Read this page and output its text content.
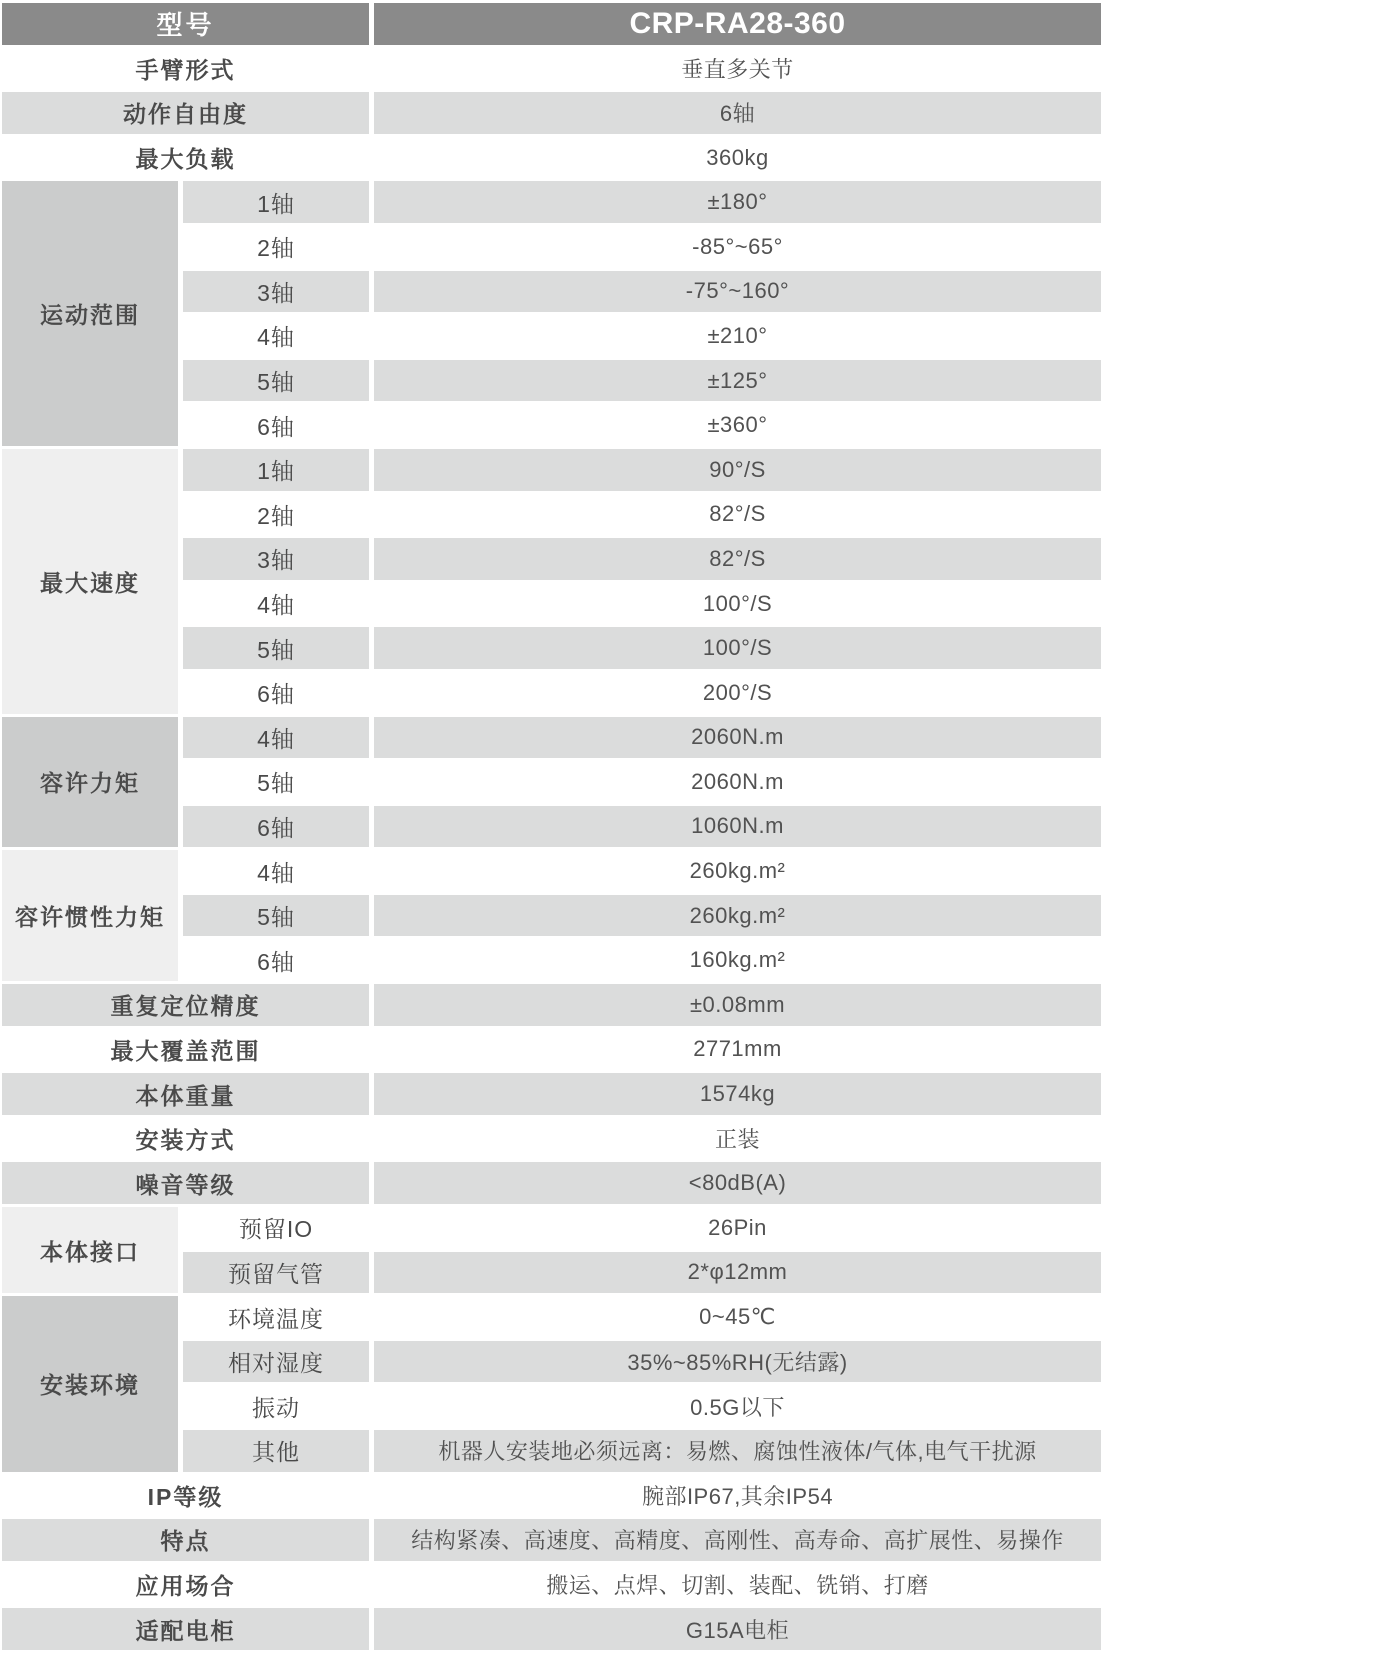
型号		CRP-RA28-360
手臂形式		垂直多关节
动作自由度		6轴
最大负载		360kg
运动范围	1轴	±180°
	2轴	-85°~65°
	3轴	-75°~160°
	4轴	±210°
	5轴	±125°
	6轴	±360°
最大速度	1轴	90°/S
	2轴	82°/S
	3轴	82°/S
	4轴	100°/S
	5轴	100°/S
	6轴	200°/S
容许力矩	4轴	2060N.m
	5轴	2060N.m
	6轴	1060N.m
容许惯性力矩	4轴	260kg.m²
	5轴	260kg.m²
	6轴	160kg.m²
重复定位精度		±0.08mm
最大覆盖范围		2771mm
本体重量		1574kg
安装方式		正装
噪音等级		<80dB(A)
本体接口	预留IO	26Pin
	预留气管	2*φ12mm
安装环境	环境温度	0~45℃
	相对湿度	35%~85%RH(无结露)
	振动	0.5G以下
	其他	机器人安装地必须远离：易燃、腐蚀性液体/气体,电气干扰源
IP等级		腕部IP67,其余IP54
特点		结构紧凑、高速度、高精度、高刚性、高寿命、高扩展性、易操作
应用场合		搬运、点焊、切割、装配、铣销、打磨
适配电柜		G15A电柜
